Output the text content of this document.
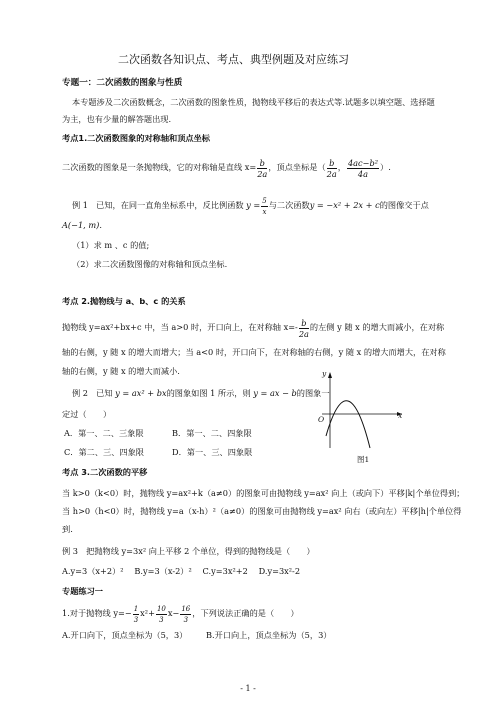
二次函数各知识点、考点、典型例题及对应练习
专题一：二次函数的图象与性质
本专题涉及二次函数概念，二次函数的图象性质，抛物线平移后的表达式等.试题多以填空题、选择题
为主，也有少量的解答题出现.
考点1.二次函数图象的对称轴和顶点坐标
二次函数的图象是一条抛物线，它的对称轴是直线 $x= \frac{b}{2a}$ ，顶点坐标是（ $\frac{b}{2a}$ ， $\frac{\text{4ac−b²}}{4a}$ ）.
例 1　已知，在同一直角坐标系中，反比例函数 $y = \frac{5}{x}$ 与二次函数y = −x² + 2x + c的图像交于点
A(−1, m).
（1）求 m 、c 的值;
（2）求二次函数图像的对称轴和顶点坐标.
考点 2.抛物线与 a、b、c 的关系
抛物线 y=ax²+bx+c 中，当 a>0 时，开口向上，在对称轴 $x=- \frac{b}{2a}$ 的左侧 y 随 x 的增大而减小，在对称
轴的右侧，y 随 x 的增大而增大；当 a<0 时，开口向下，在对称轴的右侧，y 随 x 的增大而增大，在对称
轴的右侧，y 随 x 的增大而减小.
例 2　已知 y = ax² + bx的图象如图 1 所示，则 y = ax − b的图象一
定过（　　）
A．第一、二、三象限	B．第一、二、四象限
C．第二、三、四象限	D．第一、三、四象限
y
x
O
图1
考点 3.二次函数的平移
当 k>0（k<0）时，抛物线 y=ax²+k（a≠0）的图象可由抛物线 y=ax² 向上（或向下）平移|k|个单位得到；
当 h>0（h<0）时，抛物线 y=a（x-h）²（a≠0）的图象可由抛物线 y=ax² 向右（或向左）平移|h|个单位得
到.
例 3　把抛物线 y=3x² 向上平移 2 个单位，得到的抛物线是（　　）
A.y=3（x+2）²　 B.y=3（x-2）²　 C.y=3x²+2　 D.y=3x²-2
专题练习一
1.对于抛物线 $y=- \frac{1}{3} x^2+ \frac{10}{3} x- \frac{16}{3}$ ，下列说法正确的是（　　）
A.开口向下，顶点坐标为（5，3） B.开口向上，顶点坐标为（5，3）
- 1 -
